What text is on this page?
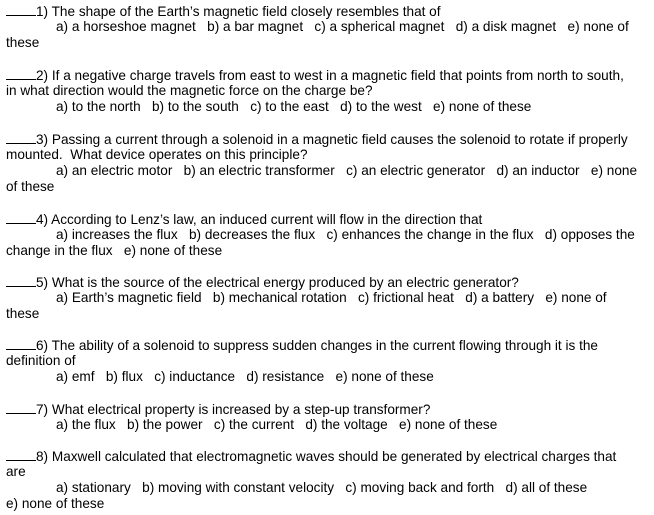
1) The shape of the Earth’s magnetic field closely resembles that of
a) a horseshoe magnet   b) a bar magnet   c) a spherical magnet   d) a disk magnet   e) none of
these
2) If a negative charge travels from east to west in a magnetic field that points from north to south,
in what direction would the magnetic force on the charge be?
a) to the north   b) to the south   c) to the east   d) to the west   e) none of these
3) Passing a current through a solenoid in a magnetic field causes the solenoid to rotate if properly
mounted.  What device operates on this principle?
a) an electric motor   b) an electric transformer   c) an electric generator   d) an inductor   e) none
of these
4) According to Lenz’s law, an induced current will flow in the direction that
a) increases the flux   b) decreases the flux   c) enhances the change in the flux   d) opposes the
change in the flux   e) none of these
5) What is the source of the electrical energy produced by an electric generator?
a) Earth’s magnetic field   b) mechanical rotation   c) frictional heat   d) a battery   e) none of
these
6) The ability of a solenoid to suppress sudden changes in the current flowing through it is the
definition of
a) emf   b) flux   c) inductance   d) resistance   e) none of these
7) What electrical property is increased by a step-up transformer?
a) the flux   b) the power   c) the current   d) the voltage   e) none of these
8) Maxwell calculated that electromagnetic waves should be generated by electrical charges that
are
a) stationary   b) moving with constant velocity   c) moving back and forth   d) all of these
e) none of these
